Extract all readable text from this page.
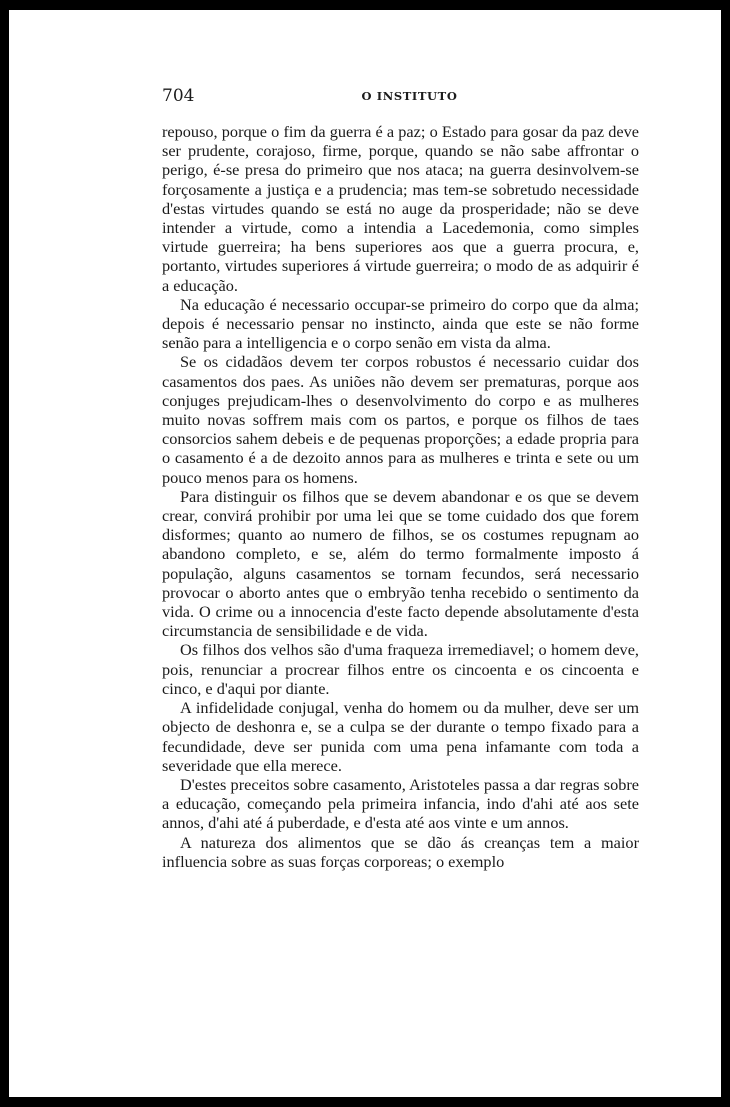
704	O INSTITUTO

repouso, porque o fim da guerra é a paz; o Estado para gosar da paz deve ser prudente, corajoso, firme, porque, quando se não sabe affrontar o perigo, é-se presa do primeiro que nos ataca; na guerra desinvolvem-se forçosamente a justiça e a prudencia; mas tem-se sobretudo necessidade d'estas virtudes quando se está no auge da prosperidade; não se deve intender a virtude, como a intendia a Lacedemonia, como simples virtude guerreira; ha bens superiores aos que a guerra procura, e, portanto, virtudes superiores á virtude guerreira; o modo de as adquirir é a educação.

Na educação é necessario occupar-se primeiro do corpo que da alma; depois é necessario pensar no instincto, ainda que este se não forme senão para a intelligencia e o corpo senão em vista da alma.

Se os cidadãos devem ter corpos robustos é necessario cuidar dos casamentos dos paes. As uniões não devem ser prematuras, porque aos conjuges prejudicam-lhes o desenvolvimento do corpo e as mulheres muito novas soffrem mais com os partos, e porque os filhos de taes consorcios sahem debeis e de pequenas proporções; a edade propria para o casamento é a de dezoito annos para as mulheres e trinta e sete ou um pouco menos para os homens.

Para distinguir os filhos que se devem abandonar e os que se devem crear, convirá prohibir por uma lei que se tome cuidado dos que forem disformes; quanto ao numero de filhos, se os costumes repugnam ao abandono completo, e se, além do termo formalmente imposto á população, alguns casamentos se tornam fecundos, será necessario provocar o aborto antes que o embryão tenha recebido o sentimento da vida. O crime ou a innocencia d'este facto depende absolutamente d'esta circumstancia de sensibilidade e de vida.

Os filhos dos velhos são d'uma fraqueza irremediavel; o homem deve, pois, renunciar a procrear filhos entre os cincoenta e os cincoenta e cinco, e d'aqui por diante.

A infidelidade conjugal, venha do homem ou da mulher, deve ser um objecto de deshonra e, se a culpa se der durante o tempo fixado para a fecundidade, deve ser punida com uma pena infamante com toda a severidade que ella merece.

D'estes preceitos sobre casamento, Aristoteles passa a dar regras sobre a educação, começando pela primeira infancia, indo d'ahi até aos sete annos, d'ahi até á puberdade, e d'esta até aos vinte e um annos.

A natureza dos alimentos que se dão ás creanças tem a maior influencia sobre as suas forças corporeas; o exemplo
